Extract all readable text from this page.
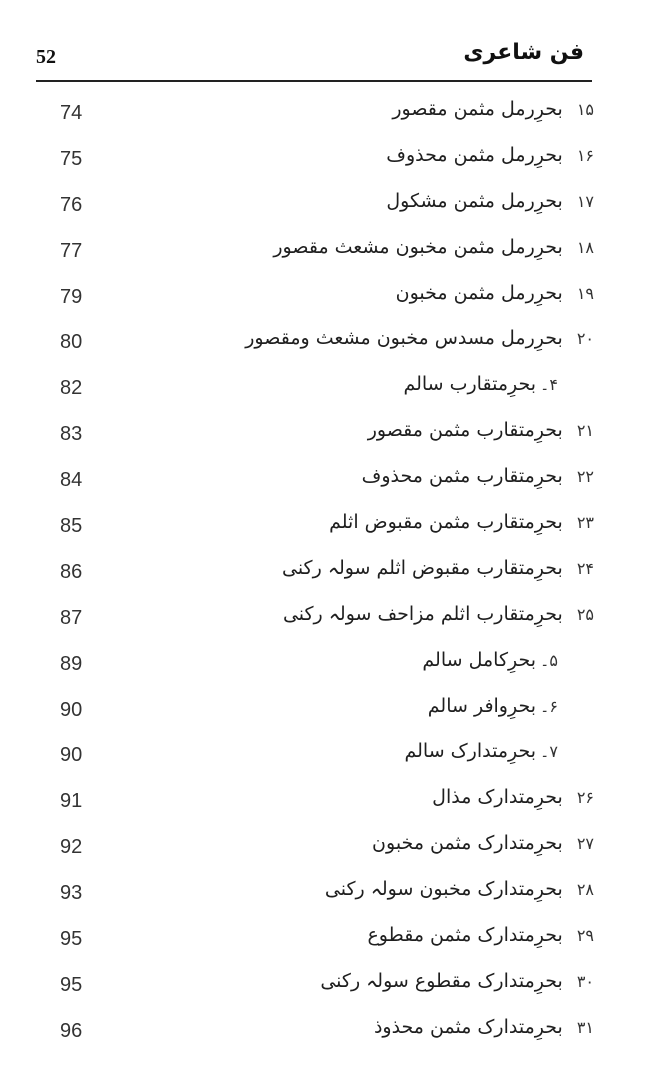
فن شاعری
52
74	۱۵بحرِرمل مثمن مقصور
75	۱۶بحرِرمل مثمن محذوف
76	۱۷بحرِرمل مثمن مشکول
77	۱۸بحرِرمل مثمن مخبون مشعث مقصور
79	۱۹بحرِرمل مثمن مخبون
80	۲۰بحرِرمل مسدس مخبون مشعث ومقصور
82	۴۔بحرِمتقارب سالم
83	۲۱بحرِمتقارب مثمن مقصور
84	۲۲بحرِمتقارب مثمن محذوف
85	۲۳بحرِمتقارب مثمن مقبوض اثلم
86	۲۴بحرِمتقارب مقبوض اثلم سولہ رکنی
87	۲۵بحرِمتقارب اثلم مزاحف سولہ رکنی
89	۵۔بحرِکامل سالم
90	۶۔بحرِوافر سالم
90	۷۔بحرِمتدارک سالم
91	۲۶بحرِمتدارک مذال
92	۲۷بحرِمتدارک مثمن مخبون
93	۲۸بحرِمتدارک مخبون سولہ رکنی
95	۲۹بحرِمتدارک مثمن مقطوع
95	۳۰بحرِمتدارک مقطوع سولہ رکنی
96	۳۱بحرِمتدارک مثمن محذوذ
